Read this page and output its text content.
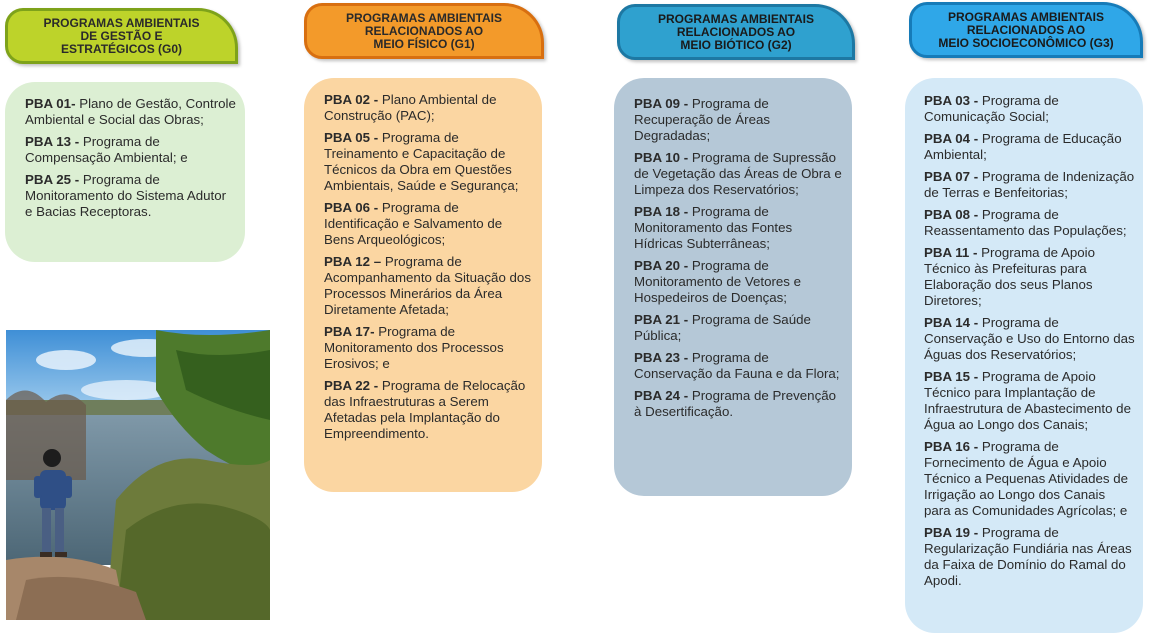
PROGRAMAS AMBIENTAIS
DE GESTÃO E
ESTRATÉGICOS (G0)
PROGRAMAS AMBIENTAIS
RELACIONADOS AO
MEIO FÍSICO (G1)
PROGRAMAS AMBIENTAIS
RELACIONADOS AO
MEIO BIÓTICO (G2)
PROGRAMAS AMBIENTAIS
RELACIONADOS AO
MEIO SOCIOECONÔMICO (G3)
PBA 01- Plano de Gestão, Controle Ambiental e Social das Obras;
PBA 13 - Programa de Compensação Ambiental; e
PBA 25 - Programa de Monitoramento do Sistema Adutor e Bacias Receptoras.
PBA 02 - Plano Ambiental de Construção (PAC);
PBA 05 - Programa de Treinamento e Capacitação de Técnicos da Obra em Questões Ambientais, Saúde e Segurança;
PBA 06 - Programa de Identificação e Salvamento de Bens Arqueológicos;
PBA 12 – Programa de Acompanhamento da Situação dos Processos Minerários da Área Diretamente Afetada;
PBA 17- Programa de Monitoramento dos Processos Erosivos; e
PBA 22 - Programa de Relocação das Infraestruturas a Serem Afetadas pela Implantação do Empreendimento.
PBA 09 - Programa de Recuperação de Áreas Degradadas;
PBA 10 - Programa de Supressão de Vegetação das Áreas de Obra e Limpeza dos Reservatórios;
PBA 18 - Programa de Monitoramento das Fontes Hídricas Subterrâneas;
PBA 20 - Programa de Monitoramento de Vetores e Hospedeiros de Doenças;
PBA 21 - Programa de Saúde Pública;
PBA 23 - Programa de Conservação da Fauna e da Flora;
PBA 24 - Programa de Prevenção à Desertificação.
PBA 03 - Programa de Comunicação Social;
PBA 04 - Programa de Educação Ambiental;
PBA 07 - Programa de Indenização de Terras e Benfeitorias;
PBA 08 - Programa de Reassentamento das Populações;
PBA 11 - Programa de Apoio Técnico às Prefeituras para Elaboração dos seus Planos Diretores;
PBA 14 - Programa de Conservação e Uso do Entorno das Águas dos Reservatórios;
PBA 15 - Programa de Apoio Técnico para Implantação de Infraestrutura de Abastecimento de Água ao Longo dos Canais;
PBA 16 - Programa de Fornecimento de Água e Apoio Técnico a Pequenas Atividades de Irrigação ao Longo dos Canais para as Comunidades Agrícolas; e
PBA 19 - Programa de Regularização Fundiária nas Áreas da Faixa de Domínio do Ramal do Apodi.
